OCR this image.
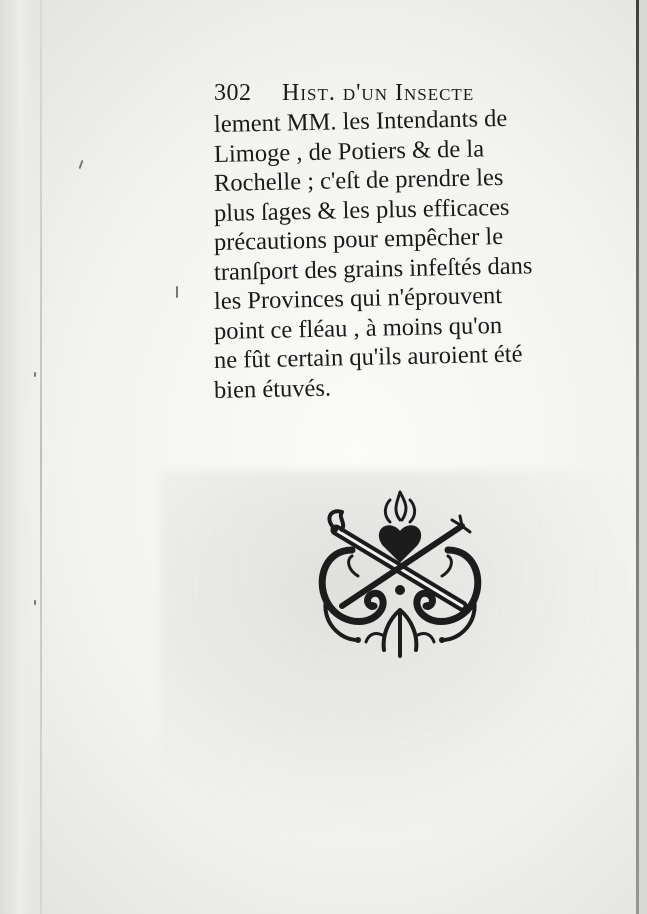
302 Hist. d'un Insecte
lement MM. les Intendants de
Limoge , de Potiers & de la
Rochelle ; c'eſt de prendre les
plus ſages & les plus efficaces
précautions pour empêcher le
tranſport des grains infeſtés dans
les Provinces qui n'éprouvent
point ce fléau , à moins qu'on
ne fût certain qu'ils auroient été
bien étuvés.
